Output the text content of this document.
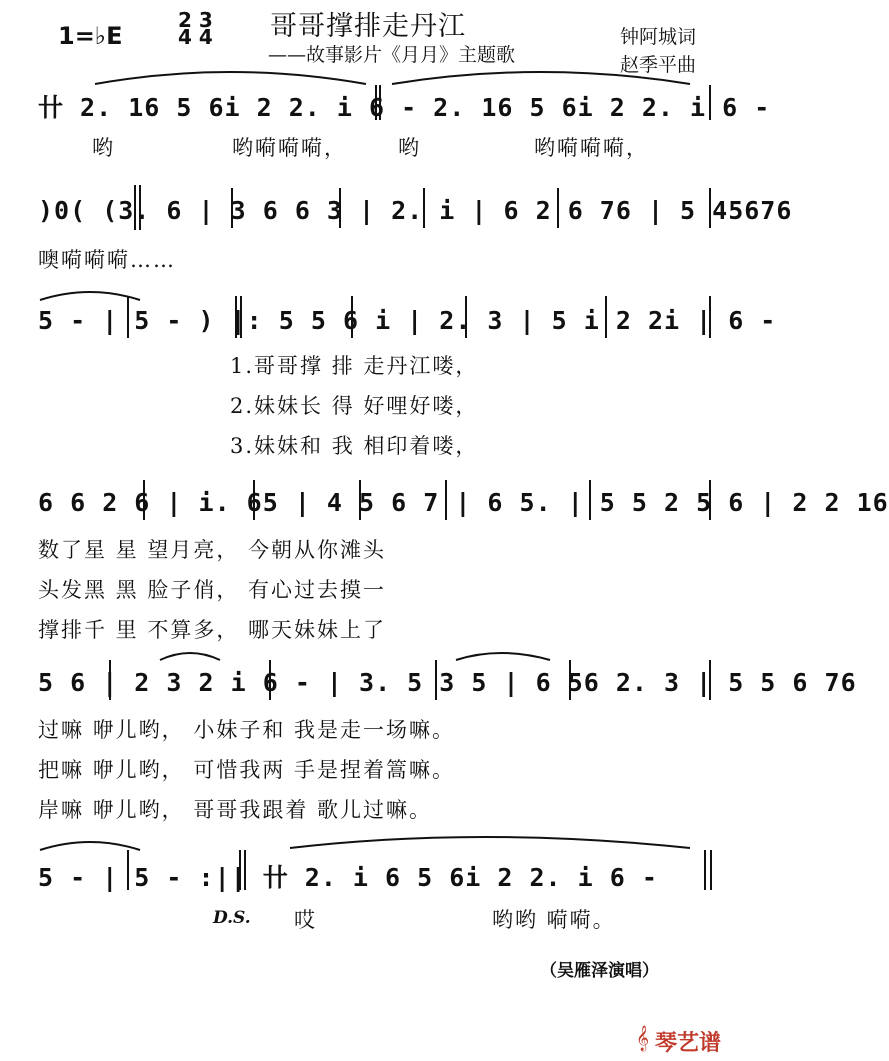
1=♭E
2 3
4 4 哥哥撑排走丹江
——故事影片《月月》主题歌
钟阿城词
赵季平曲
卄 2. 16 5 6i 2 2. i 6 - 2. 16 5 6i 2 2. i 6 -
哟	哟嗬嗬嗬， 哟	哟嗬嗬嗬，
)0( (3. 6 | 3 6 6 3 | 2. i | 6 2 6 76 | 5 45676
噢嗬嗬嗬……
5 - | 5 - ) |: 5 5 6 i | 2. 3 | 5 i 2 2i | 6 -
1.哥哥撑 排 走丹江喽，
2.妹妹长 得 好哩好喽，
3.妹妹和 我 相印着喽，
6 6 2 6 | i. 65 | 4 5 6 7 | 6 5. | 5 5 2 5 6 | 2 2 16
数了星 星 望月亮， 今朝从你滩头
头发黑 黑 脸子俏， 有心过去摸一
撑排千 里 不算多， 哪天妹妹上了
5 6 | 2 3 2 i 6 - | 3. 5 3 5 | 6 56 2. 3 | 5 5 6 76
过嘛 咿儿哟， 小妹子和 我是走一场嘛。
把嘛 咿儿哟， 可惜我两 手是捏着篙嘛。
岸嘛 咿儿哟， 哥哥我跟着 歌儿过嘛。
5 - | 5 - :|| 卄 2. i 6 5 6i 2 2. i 6 -
D.S. 哎	哟哟 嗬嗬。
（吴雁泽演唱）
𝄞 琴艺谱
